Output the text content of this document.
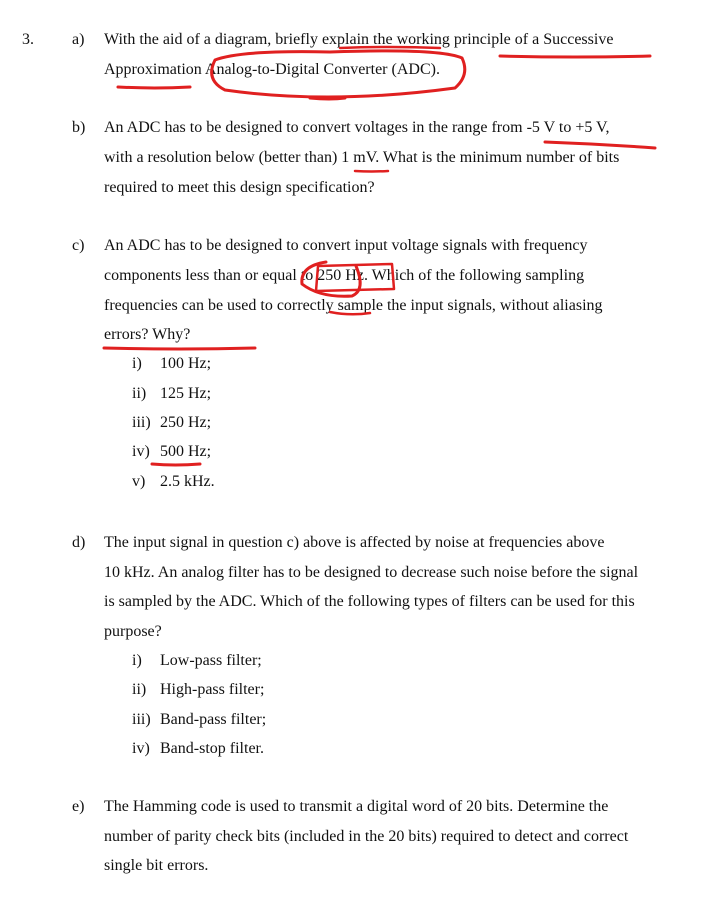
3. a) With the aid of a diagram, briefly explain the working principle of a Successive
Approximation Analog-to-Digital Converter (ADC).
b) An ADC has to be designed to convert voltages in the range from -5 V to +5 V,
with a resolution below (better than) 1 mV. What is the minimum number of bits
required to meet this design specification?
c) An ADC has to be designed to convert input voltage signals with frequency
components less than or equal to 250 Hz. Which of the following sampling
frequencies can be used to correctly sample the input signals, without aliasing
errors? Why?
i) 100 Hz;
ii) 125 Hz;
iii) 250 Hz;
iv) 500 Hz;
v) 2.5 kHz.
d) The input signal in question c) above is affected by noise at frequencies above
10 kHz. An analog filter has to be designed to decrease such noise before the signal
is sampled by the ADC. Which of the following types of filters can be used for this
purpose?
i) Low-pass filter;
ii) High-pass filter;
iii) Band-pass filter;
iv) Band-stop filter.
e) The Hamming code is used to transmit a digital word of 20 bits. Determine the
number of parity check bits (included in the 20 bits) required to detect and correct
single bit errors.
